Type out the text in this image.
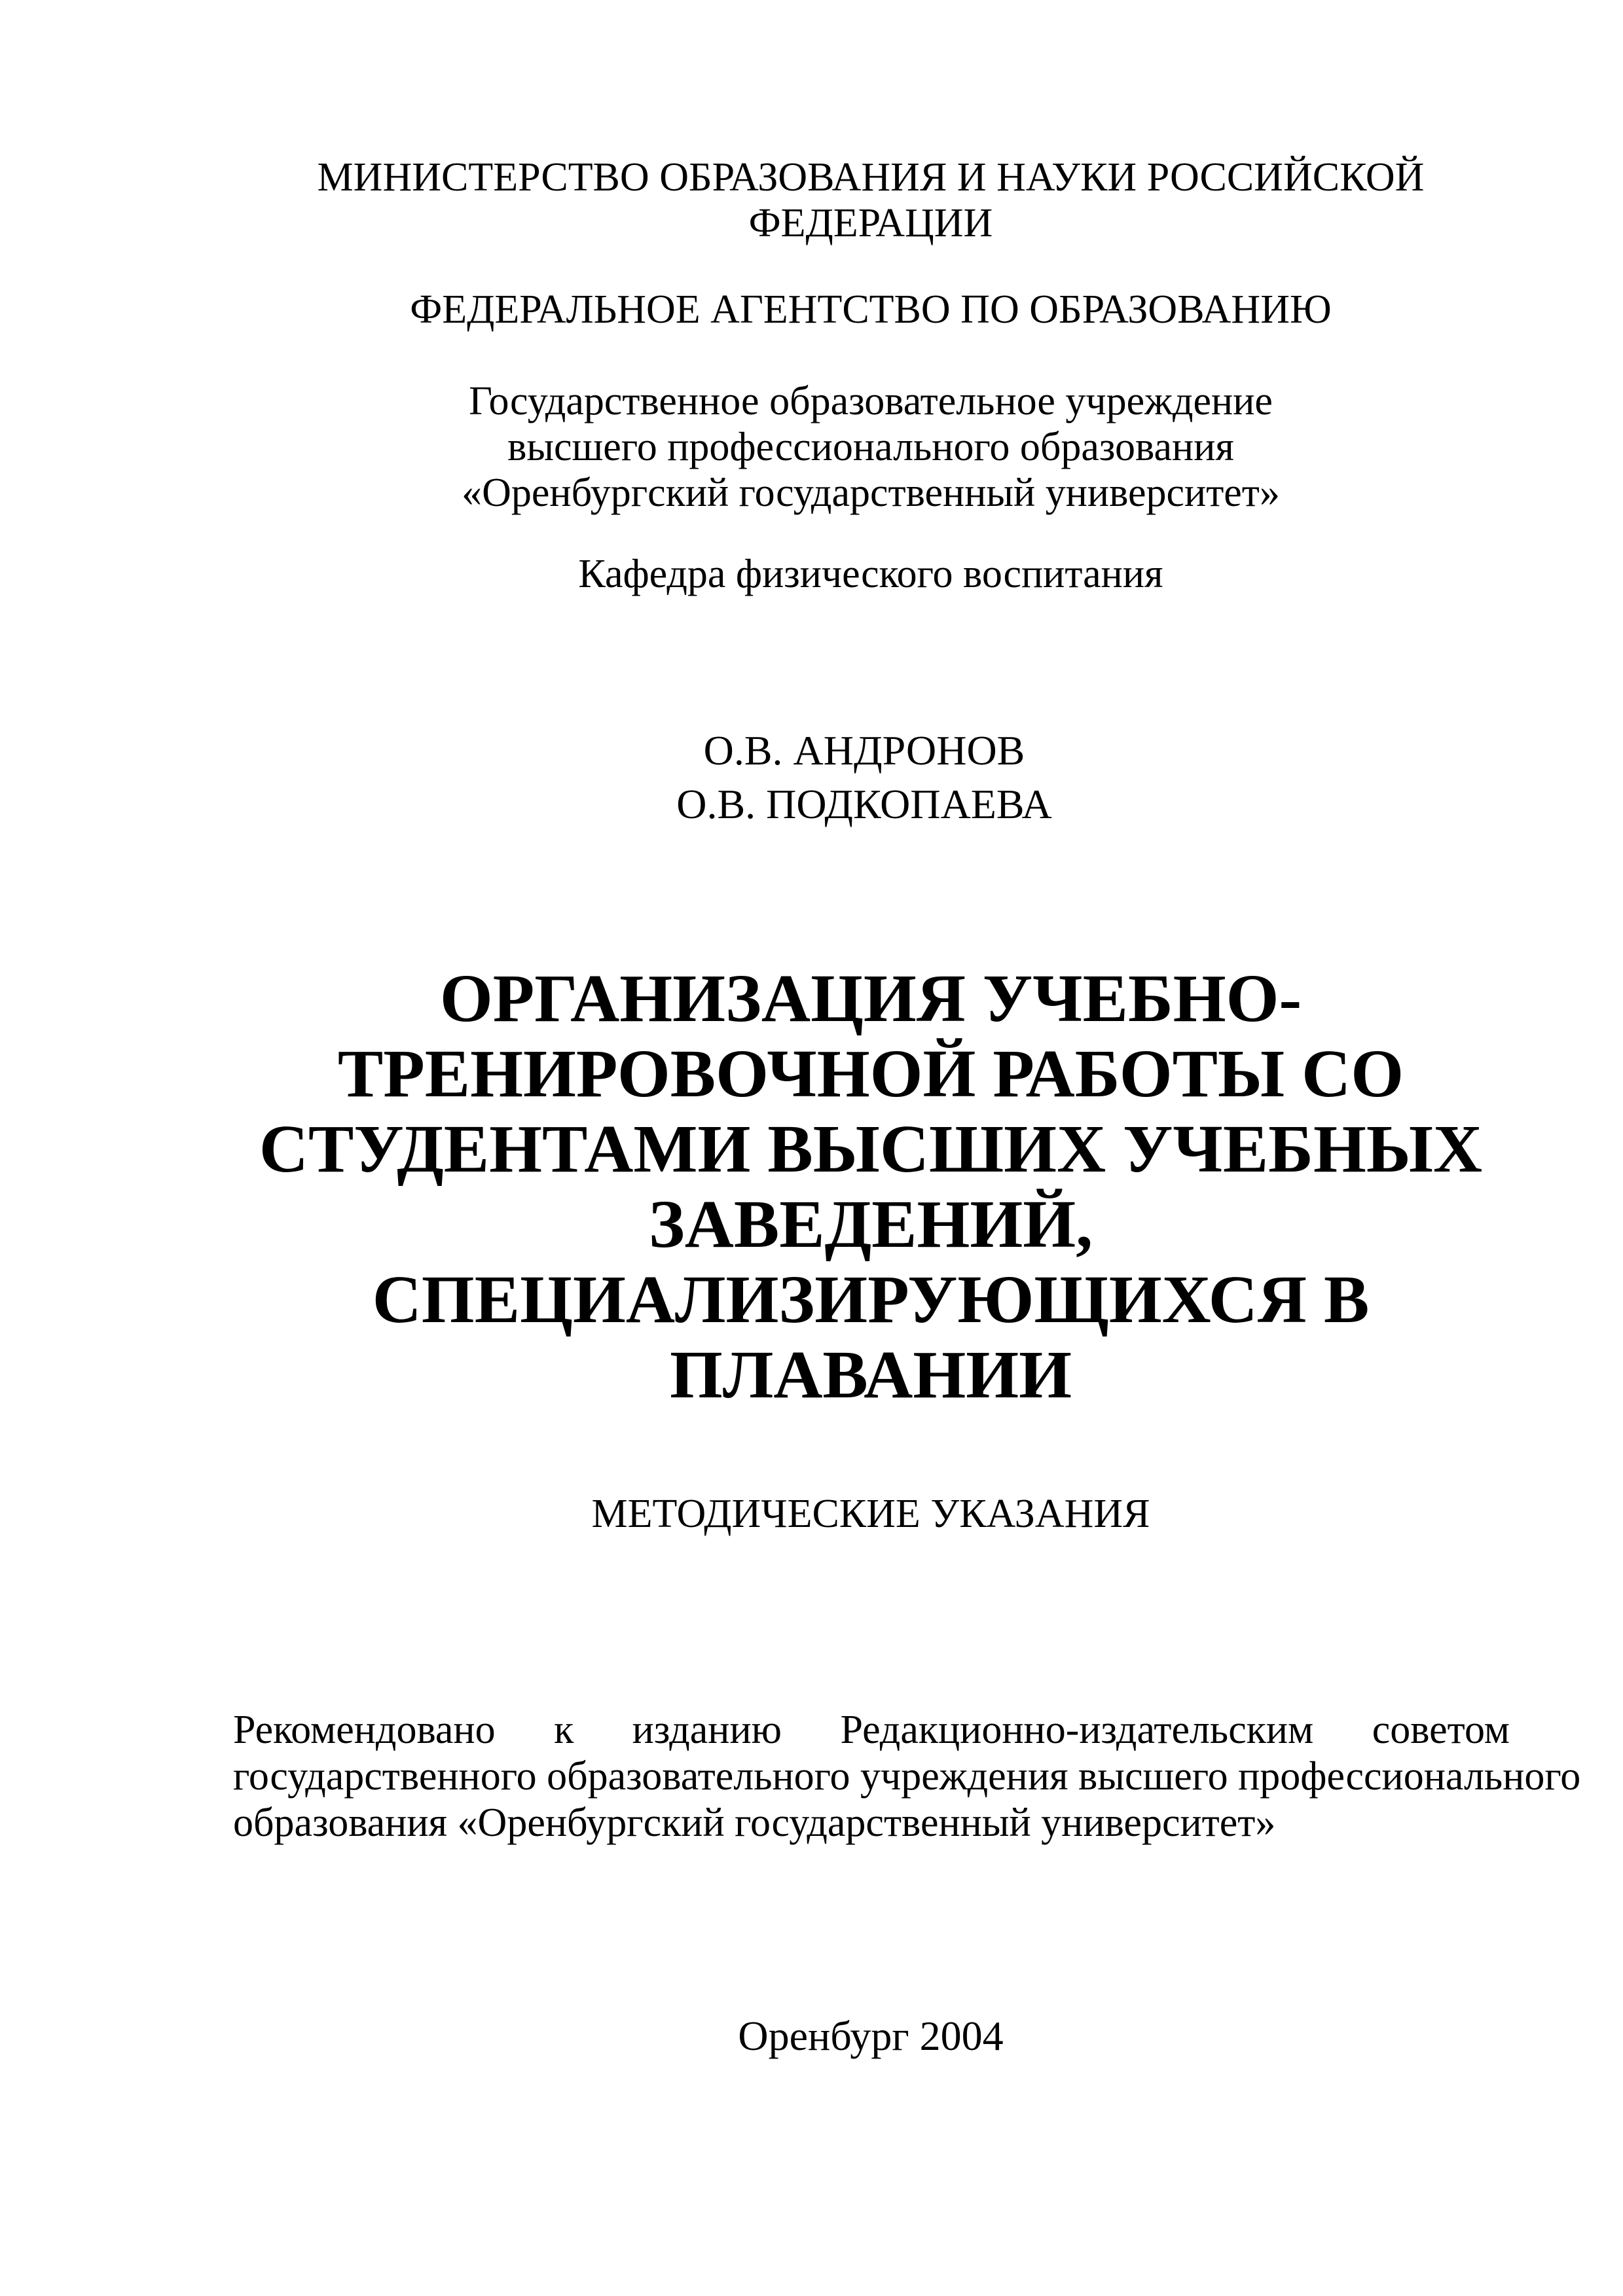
МИНИСТЕРСТВО ОБРАЗОВАНИЯ И НАУКИ РОССИЙСКОЙ
ФЕДЕРАЦИИ
ФЕДЕРАЛЬНОЕ АГЕНТСТВО ПО ОБРАЗОВАНИЮ
Государственное образовательное учреждение
высшего профессионального образования
«Оренбургский государственный университет»
Кафедра физического воспитания
О.В. АНДРОНОВ
О.В. ПОДКОПАЕВА
ОРГАНИЗАЦИЯ УЧЕБНО-
ТРЕНИРОВОЧНОЙ РАБОТЫ СО
СТУДЕНТАМИ ВЫСШИХ УЧЕБНЫХ
ЗАВЕДЕНИЙ,
СПЕЦИАЛИЗИРУЮЩИХСЯ В
ПЛАВАНИИ
МЕТОДИЧЕСКИЕ УКАЗАНИЯ
Рекомендовано к изданию Редакционно-издательским советом
государственного образовательного учреждения высшего профессионального
образования «Оренбургский государственный университет»
Оренбург 2004
